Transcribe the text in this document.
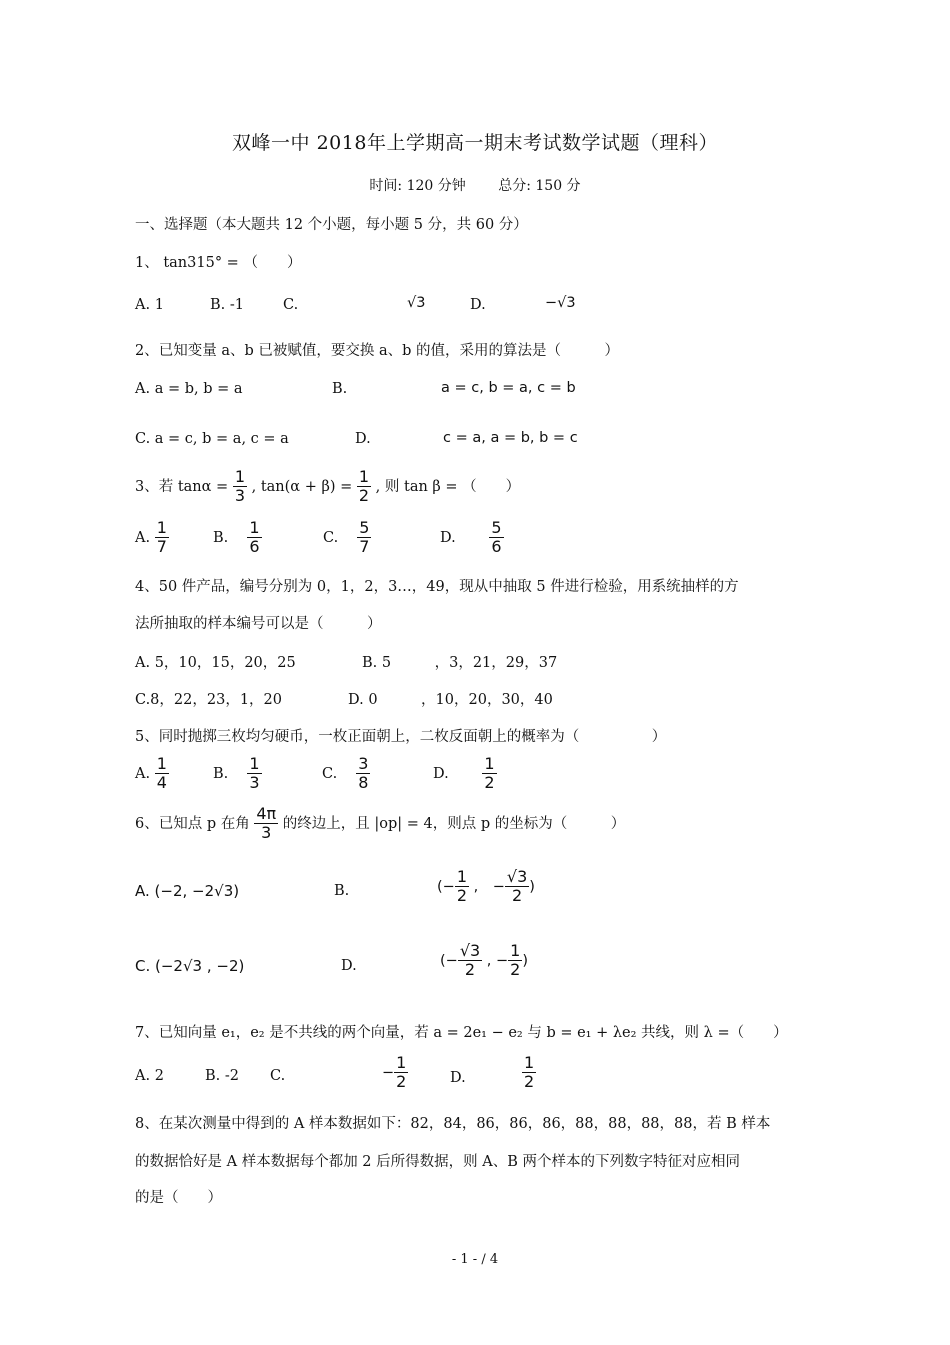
双峰一中 2018年上学期高一期末考试数学试题（理科）
时间: 120 分钟 总分: 150 分
一、选择题（本大题共 12 个小题，每小题 5 分，共 60 分）
1、 tan315° = （　　）
A. 1	B. -1	C.	√3	D.	−√3
2、已知变量 a、b 已被赋值，要交换 a、b 的值，采用的算法是（　　　）
A. a = b, b = a	B.	a = c, b = a, c = b
C. a = c, b = a, c = a	D.	c = a, a = b, b = c
3、若 $\tan\alpha = \frac{1}{3}$ , $\tan(\alpha + \beta) = \frac{1}{2}$ , 则 tan β = （　　）
A. $\frac{1}{7}$	B.　 $\frac{1}{6}$	C.　 $\frac{5}{7}$	D.　　 $\frac{5}{6}$
4、50 件产品，编号分别为 0，1，2，3…，49，现从中抽取 5 件进行检验，用系统抽样的方
法所抽取的样本编号可以是（　　　）
A. 5，10，15，20，25	B. 5　　　，3，21，29，37
C.8，22，23，1，20	D. 0　　　，10，20，30，40
5、同时抛掷三枚均匀硬币，一枚正面朝上，二枚反面朝上的概率为（　　　　　）
A. $\frac{1}{4}$	B.　 $\frac{1}{3}$	C.　 $\frac{3}{8}$	D.　　 $\frac{1}{2}$
6、已知点 p 在角 $\frac{4\pi}{3}$ 的终边上，且 |op| = 4，则点 p 的坐标为（　　　）
A. (−2, −2√3)	B.	(− $\frac{1}{2}$ ,　− $\frac{√3}{2}$ )
C. (−2√3 , −2)	D.	(− $\frac{√3}{2}$ , − $\frac{1}{2}$ )
7、已知向量 e₁，e₂ 是不共线的两个向量，若 a = 2e₁ − e₂ 与 b = e₁ + λe₂ 共线，则 λ =（　　）
A. 2	B. -2 C.	− $\frac{1}{2}$	D.	$\frac{1}{2}$
8、在某次测量中得到的 A 样本数据如下：82，84，86，86，86，88，88，88，88，若 B 样本
的数据恰好是 A 样本数据每个都加 2 后所得数据，则 A、B 两个样本的下列数字特征对应相同
的是（　　）
- 1 - / 4
